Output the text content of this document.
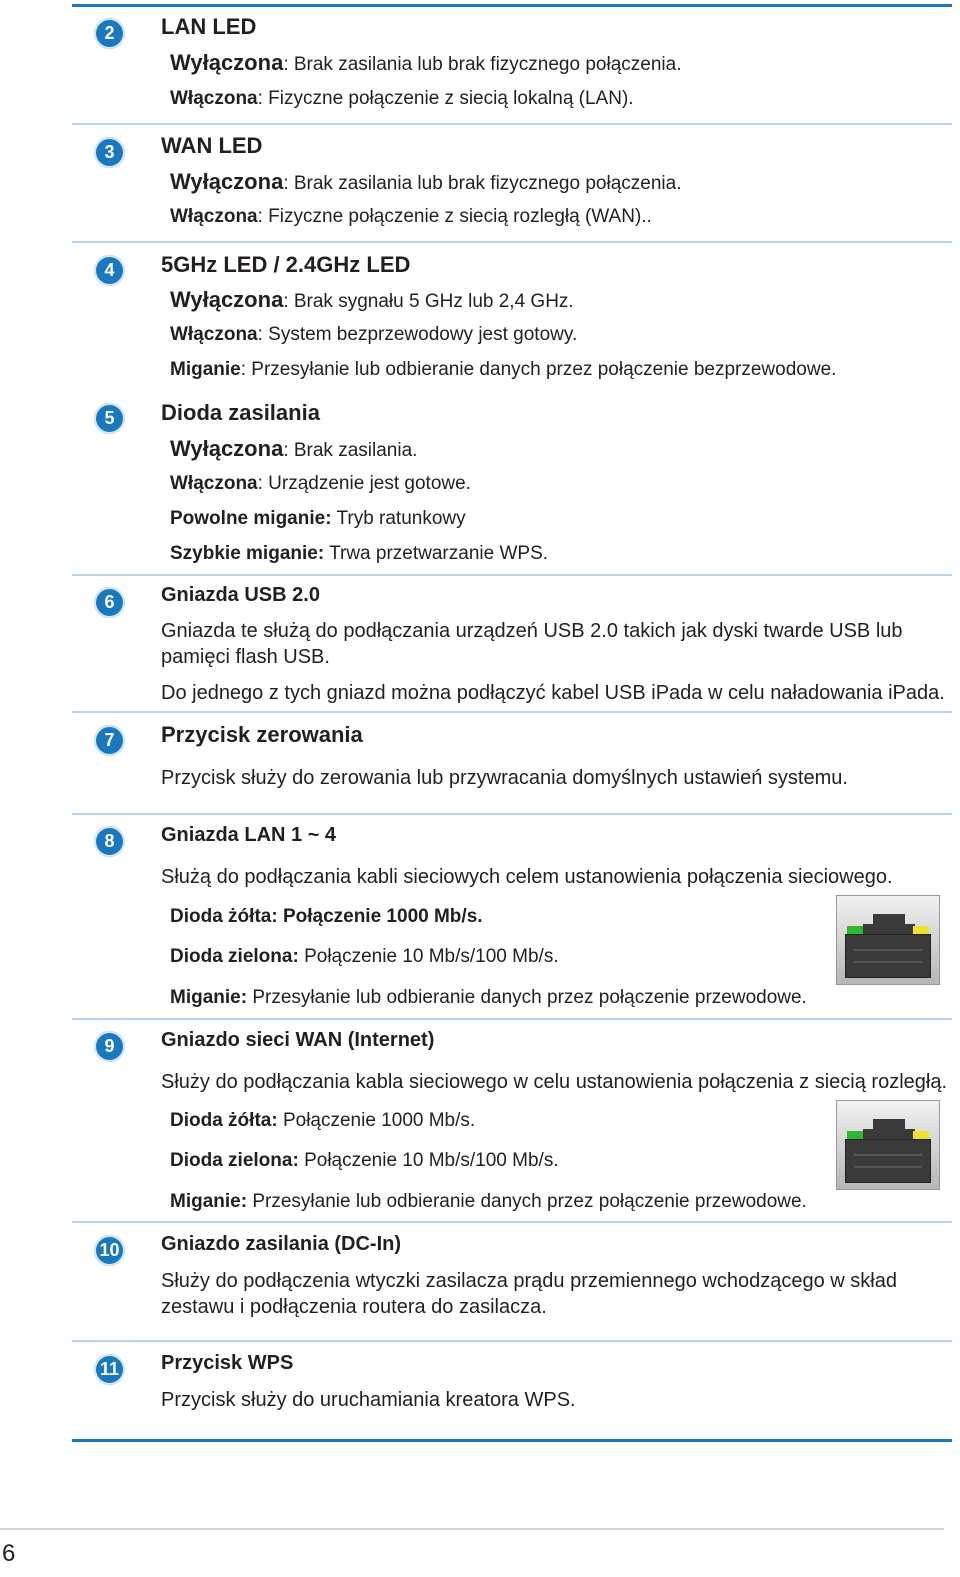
2	LAN LED
Wyłączona: Brak zasilania lub brak fizycznego połączenia.
Włączona: Fizyczne połączenie z siecią lokalną (LAN).
3	WAN LED
Wyłączona: Brak zasilania lub brak fizycznego połączenia.
Włączona: Fizyczne połączenie z siecią rozległą (WAN)..
4	5GHz LED / 2.4GHz LED
Wyłączona: Brak sygnału 5 GHz lub 2,4 GHz.
Włączona: System bezprzewodowy jest gotowy.
Miganie: Przesyłanie lub odbieranie danych przez połączenie bezprzewodowe.
5	Dioda zasilania
Wyłączona: Brak zasilania.
Włączona: Urządzenie jest gotowe.
Powolne miganie: Tryb ratunkowy
Szybkie miganie: Trwa przetwarzanie WPS.
6	Gniazda USB 2.0
Gniazda te służą do podłączania urządzeń USB 2.0 takich jak dyski twarde USB lub pamięci flash USB.
Do jednego z tych gniazd można podłączyć kabel USB iPada w celu naładowania iPada.
7	Przycisk zerowania
Przycisk służy do zerowania lub przywracania domyślnych ustawień systemu.
8	Gniazda LAN 1 ~ 4
Służą do podłączania kabli sieciowych celem ustanowienia połączenia sieciowego.
Dioda żółta: Połączenie 1000 Mb/s.
Dioda zielona: Połączenie 10 Mb/s/100 Mb/s.
Miganie: Przesyłanie lub odbieranie danych przez połączenie przewodowe.
9	Gniazdo sieci WAN (Internet)
Służy do podłączania kabla sieciowego w celu ustanowienia połączenia z siecią rozległą.
Dioda żółta: Połączenie 1000 Mb/s.
Dioda zielona: Połączenie 10 Mb/s/100 Mb/s.
Miganie: Przesyłanie lub odbieranie danych przez połączenie przewodowe.
10 Gniazdo zasilania (DC-In)
Służy do podłączenia wtyczki zasilacza prądu przemiennego wchodzącego w skład zestawu i podłączenia routera do zasilacza.
11 Przycisk WPS
Przycisk służy do uruchamiania kreatora WPS.
6
